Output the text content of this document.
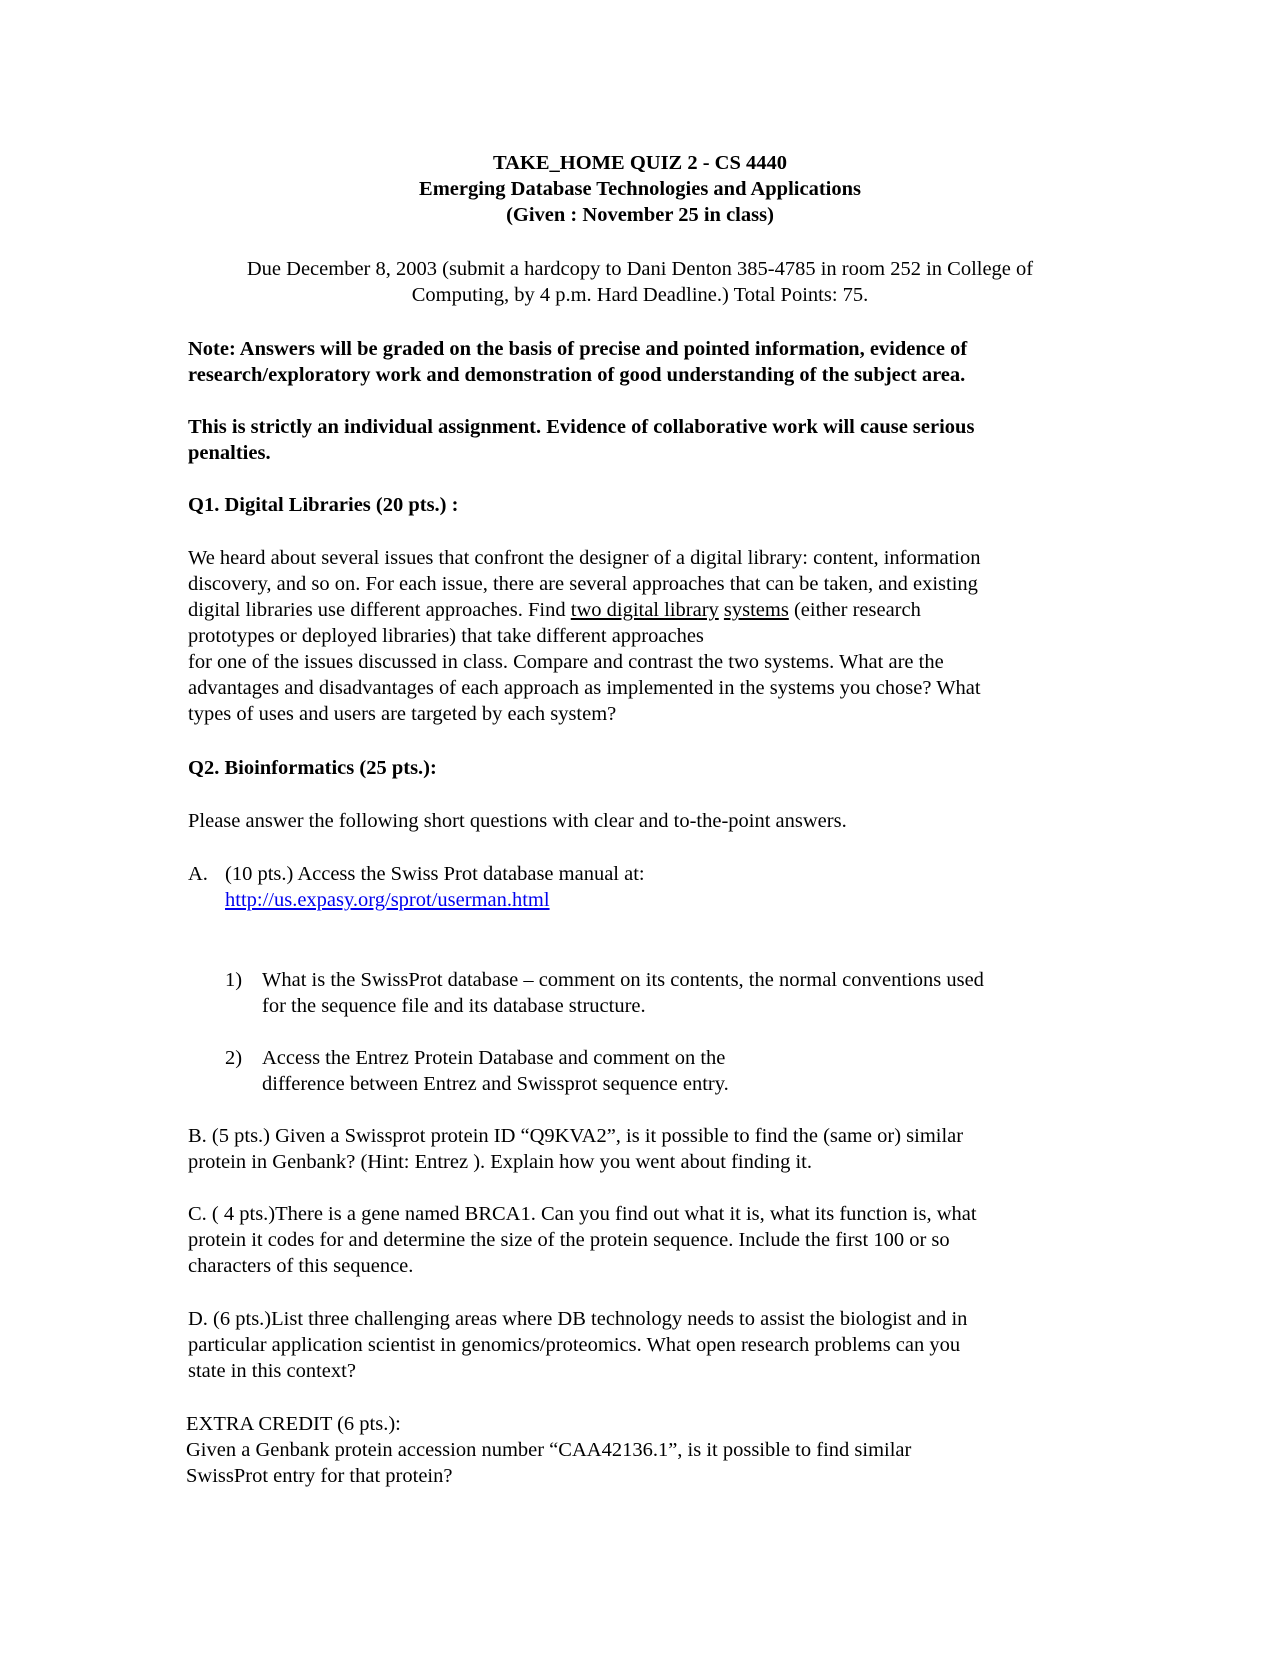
TAKE_HOME QUIZ 2 - CS 4440
Emerging Database Technologies and Applications
(Given : November 25 in class)
Due December 8, 2003 (submit a hardcopy to Dani Denton 385-4785 in room 252 in College of
Computing, by 4 p.m. Hard Deadline.) Total Points: 75.
Note: Answers will be graded on the basis of precise and pointed information, evidence of
research/exploratory work and demonstration of good understanding of the subject area.
This is strictly an individual assignment. Evidence of collaborative work will cause serious
penalties.
Q1. Digital Libraries (20 pts.) :
We heard about several issues that confront the designer of a digital library: content, information
discovery, and so on. For each issue, there are several approaches that can be taken, and existing
digital libraries use different approaches. Find two digital library systems (either research
prototypes or deployed libraries) that take different approaches
for one of the issues discussed in class. Compare and contrast the two systems. What are the
advantages and disadvantages of each approach as implemented in the systems you chose? What
types of uses and users are targeted by each system?
Q2. Bioinformatics (25 pts.):
Please answer the following short questions with clear and to-the-point answers.
A. (10 pts.) Access the Swiss Prot database manual at:
http://us.expasy.org/sprot/userman.html
1) What is the SwissProt database – comment on its contents, the normal conventions used
for the sequence file and its database structure.
2) Access the Entrez Protein Database and comment on the
difference between Entrez and Swissprot sequence entry.
B. (5 pts.) Given a Swissprot protein ID “Q9KVA2”, is it possible to find the (same or) similar
protein in Genbank? (Hint: Entrez ). Explain how you went about finding it.
C. ( 4 pts.)There is a gene named BRCA1. Can you find out what it is, what its function is, what
protein it codes for and determine the size of the protein sequence. Include the first 100 or so
characters of this sequence.
D. (6 pts.)List three challenging areas where DB technology needs to assist the biologist and in
particular application scientist in genomics/proteomics. What open research problems can you
state in this context?
EXTRA CREDIT (6 pts.):
Given a Genbank protein accession number “CAA42136.1”, is it possible to find similar
SwissProt entry for that protein?
